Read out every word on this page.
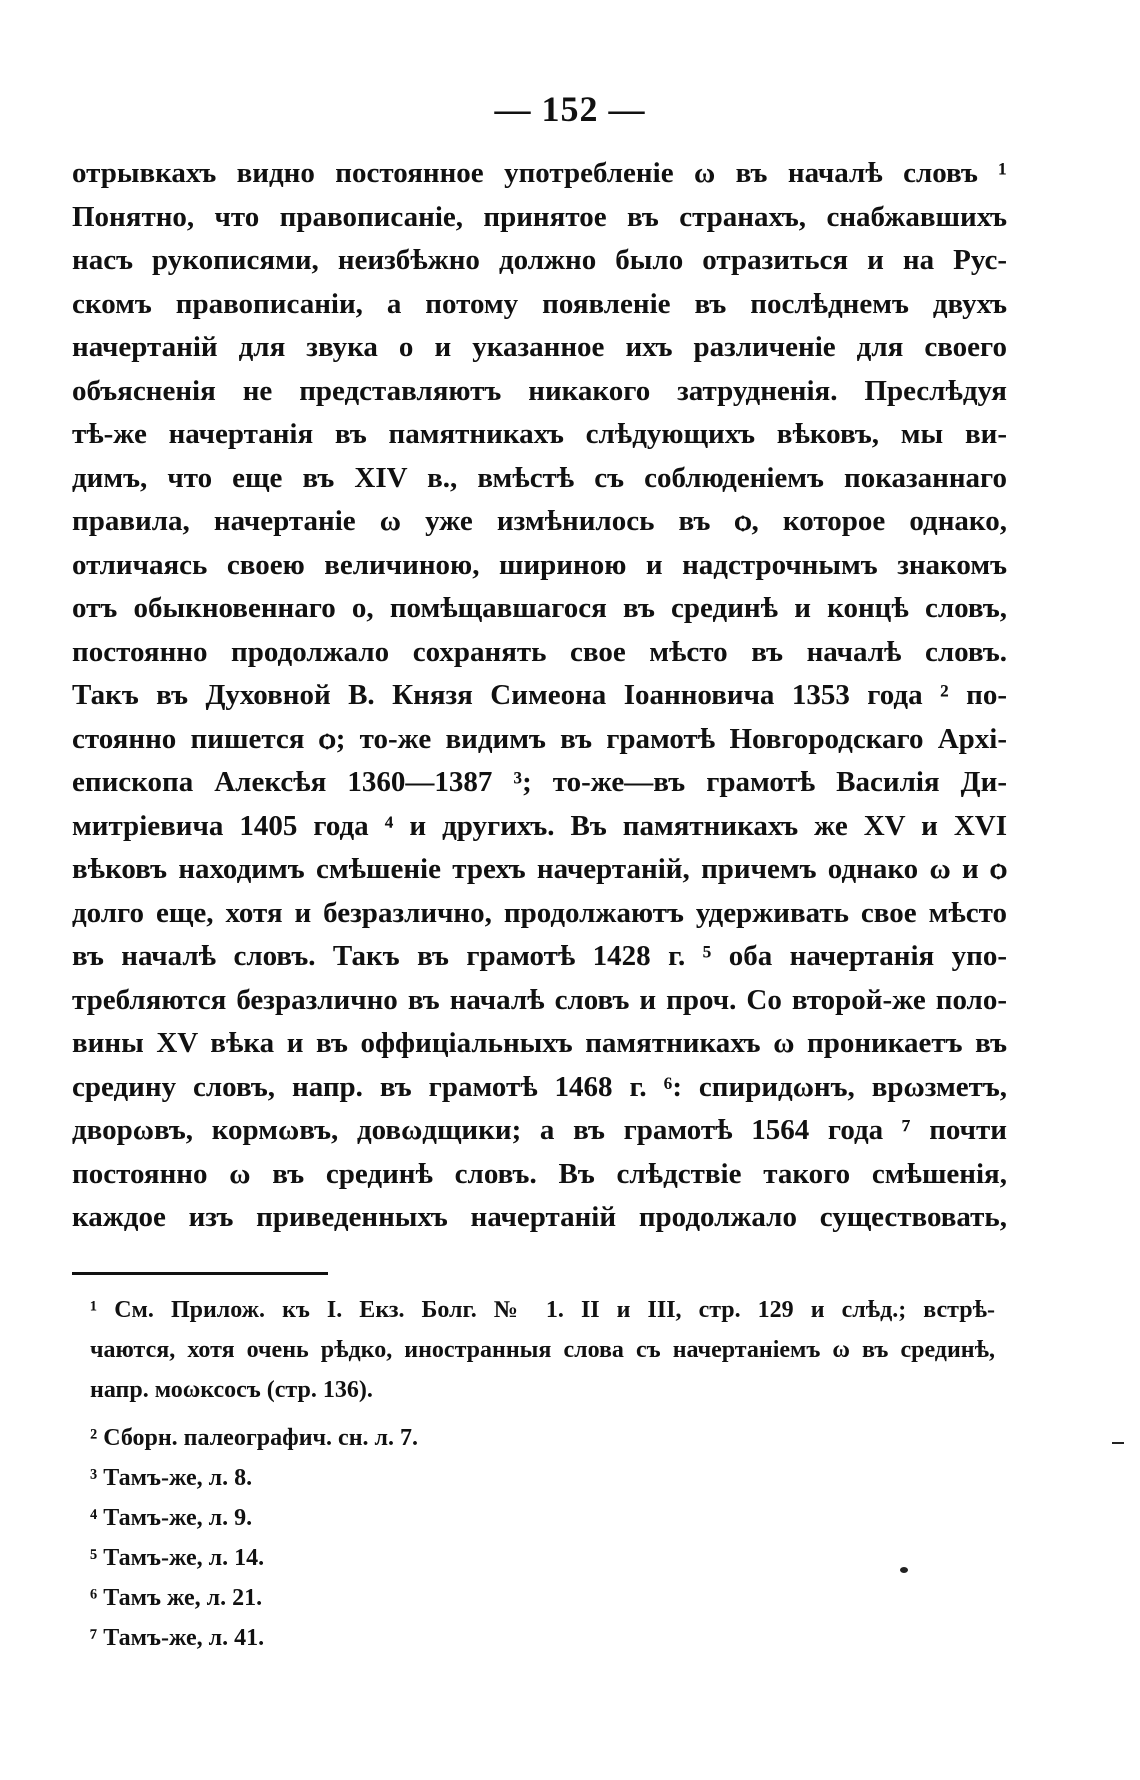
— 152 —
отрывкахъ видно постоянное употребленіе ω въ началѣ словъ ¹
Понятно, что правописаніе, принятое въ странахъ, снабжавшихъ
насъ рукописями, неизбѣжно должно было отразиться и на Рус-
скомъ правописаніи, а потому появленіе въ послѣднемъ двухъ
начертаній для звука о и указанное ихъ различеніе для своего
объясненія не представляютъ никакого затрудненія. Преслѣдуя
тѣ-же начертанія въ памятникахъ слѣдующихъ вѣковъ, мы ви-
димъ, что еще въ XIV в., вмѣстѣ съ соблюденіемъ показаннаго
правила, начертаніе ω уже измѣнилось въ ѻ, которое однако,
отличаясь своею величиною, шириною и надстрочнымъ знакомъ
отъ обыкновеннаго о, помѣщавшагося въ срединѣ и концѣ словъ,
постоянно продолжало сохранять свое мѣсто въ началѣ словъ.
Такъ въ Духовной В. Князя Симеона Іоанновича 1353 года ² по-
стоянно пишется ѻ; то-же видимъ въ грамотѣ Новгородскаго Архі-
епископа Алексѣя 1360—1387 ³; то-же—въ грамотѣ Василія Ди-
митріевича 1405 года ⁴ и другихъ. Въ памятникахъ же XV и XVI
вѣковъ находимъ смѣшеніе трехъ начертаній, причемъ однако ω и ѻ
долго еще, хотя и безразлично, продолжаютъ удерживать свое мѣсто
въ началѣ словъ. Такъ въ грамотѣ 1428 г. ⁵ оба начертанія упо-
требляются безразлично въ началѣ словъ и проч. Со второй-же поло-
вины XV вѣка и въ оффиціальныхъ памятникахъ ω проникаетъ въ
средину словъ, напр. въ грамотѣ 1468 г. ⁶: спиридωнъ, врωзметъ,
дворωвъ, кормωвъ, довωдщики; а въ грамотѣ 1564 года ⁷ почти
постоянно ω въ срединѣ словъ. Въ слѣдствіе такого смѣшенія,
каждое изъ приведенныхъ начертаній продолжало существовать,
¹ См. Прилож. къ I. Екз. Болг. № 1. II и III, стр. 129 и слѣд.; встрѣ-
чаются, хотя очень рѣдко, иностранныя слова съ начертаніемъ ω въ срединѣ,
напр. моωксосъ (стр. 136).
² Сборн. палеографич. сн. л. 7.
³ Тамъ-же, л. 8.
⁴ Тамъ-же, л. 9.
⁵ Тамъ-же, л. 14.
⁶ Тамъ же, л. 21.
⁷ Тамъ-же, л. 41.
